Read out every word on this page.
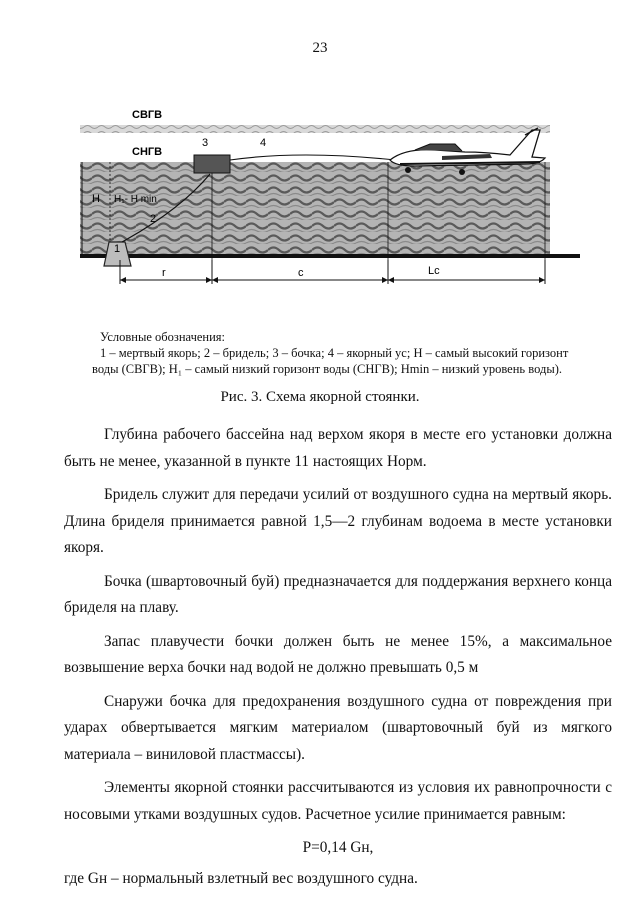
23
СВГВ
СНГВ
3	4
H H₁- H min
2
1
r	c	Lc

Условные обозначения:

1 – мертвый якорь; 2 – бридель; 3 – бочка; 4 – якорный ус; H – самый высокий горизонт

воды (СВГВ); H₁ – самый низкий горизонт воды (СНГВ); Hmin – низкий уровень воды).

Рис. 3. Схема якорной стоянки.

Глубина рабочего бассейна над верхом якоря в месте его установки должна быть не менее, указанной в пункте 11 настоящих Норм.

Бридель служит для передачи усилий от воздушного судна на мертвый якорь. Длина бриделя принимается равной 1,5—2 глубинам водоема в месте установки якоря.

Бочка (швартовочный буй) предназначается для поддержания верхнего конца бриделя на плаву.

Запас плавучести бочки должен быть не менее 15%, а максимальное возвышение верха бочки над водой не должно превышать 0,5 м

Снаружи бочка для предохранения воздушного судна от повреждения при ударах обвертывается мягким материалом (швартовочный буй из мягкого материала – виниловой пластмассы).

Элементы якорной стоянки рассчитываются из условия их равнопрочности с носовыми утками воздушных судов. Расчетное усилие принимается равным:

P=0,14 Gн,

где Gн – нормальный взлетный вес воздушного судна.
